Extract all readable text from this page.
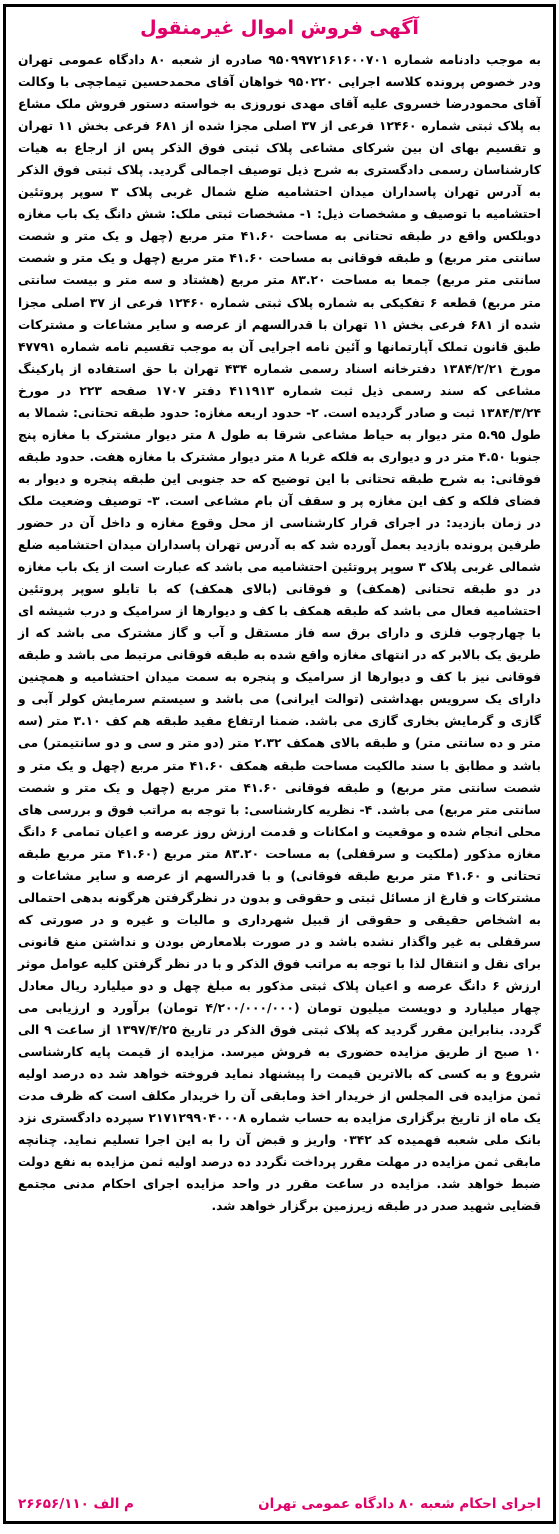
آگهی فروش اموال غیرمنقول

به موجب دادنامه شماره ۹۵۰۹۹۷۲۱۶۱۶۰۰۷۰۱ صادره از شعبه ۸۰ دادگاه عمومی تهران ودر خصوص پرونده کلاسه اجرایی ۹۵۰۲۲۰ خواهان آقای محمدحسین تیماجچی با وکالت آقای محمودرضا خسروی علیه آقای مهدی نوروزی به خواسته دستور فروش ملک مشاع به پلاک ثبتی شماره ۱۲۴۶۰ فرعی از ۳۷ اصلی مجزا شده از ۶۸۱ فرعی بخش ۱۱ تهران و تقسیم بهای ان بین شرکای مشاعی پلاک ثبتی فوق الذکر پس از ارجاع به هیات کارشناسان رسمی دادگستری به شرح ذیل توصیف اجمالی گردید. پلاک ثبتی فوق الذکر به آدرس تهران پاسداران میدان احتشامیه ضلع شمال غربی پلاک ۳ سوپر پروتئین احتشامیه با توصیف و مشخصات ذیل: ۱- مشخصات ثبتی ملک: شش دانگ یک باب مغازه دوبلکس واقع در طبقه تحتانی به مساحت ۴۱.۶۰ متر مربع (چهل و یک متر و شصت سانتی متر مربع) و طبقه فوقانی به مساحت ۴۱.۶۰ متر مربع (چهل و یک متر و شصت سانتی متر مربع) جمعا به مساحت ۸۳.۲۰ متر مربع (هشتاد و سه متر و بیست سانتی متر مربع) قطعه ۶ تفکیکی به شماره پلاک ثبتی شماره ۱۲۴۶۰ فرعی از ۳۷ اصلی مجزا شده از ۶۸۱ فرعی بخش ۱۱ تهران با قدرالسهم از عرصه و سایر مشاعات و مشترکات طبق قانون تملک آپارتمانها و آئین نامه اجرایی آن به موجب تقسیم نامه شماره ۴۷۷۹۱ مورخ ۱۳۸۴/۲/۲۱ دفترخانه اسناد رسمی شماره ۴۳۴ تهران با حق استفاده از پارکینگ مشاعی که سند رسمی ذیل ثبت شماره ۴۱۱۹۱۳ دفتر ۱۷۰۷ صفحه ۲۲۳ در مورخ ۱۳۸۴/۳/۲۴ ثبت و صادر گردیده است. ۲- حدود اربعه مغازه: حدود طبقه تحتانی: شمالا به طول ۵.۹۵ متر دیوار به حیاط مشاعی شرقا به طول ۸ متر دیوار مشترک با مغازه پنج جنوبا ۴.۵۰ متر در و دیواری به فلکه غربا ۸ متر دیوار مشترک با مغازه هفت. حدود طبقه فوقانی: به شرح طبقه تحتانی با این توضیح که حد جنوبی این طبقه پنجره و دیوار به فضای فلکه و کف این مغازه پر و سقف آن بام مشاعی است. ۳- توصیف وضعیت ملک در زمان بازدید: در اجرای قرار کارشناسی از محل وقوع مغازه و داخل آن در حضور طرفین پرونده بازدید بعمل آورده شد که به آدرس تهران پاسداران میدان احتشامیه ضلع شمالی غربی پلاک ۳ سوپر پروتئین احتشامیه می باشد که عبارت است از یک باب مغازه در دو طبقه تحتانی (همکف) و فوقانی (بالای همکف) که با تابلو سوپر پروتئین احتشامیه فعال می باشد که طبقه همکف با کف و دیوارها از سرامیک و درب شیشه ای با چهارچوب فلزی و دارای برق سه فاز مستقل و آب و گاز مشترک می باشد که از طریق یک بالابر که در انتهای مغازه واقع شده به طبقه فوقانی مرتبط می باشد و طبقه فوقانی نیز با کف و دیوارها از سرامیک و پنجره به سمت میدان احتشامیه و همچنین دارای یک سرویس بهداشتی (توالت ایرانی) می باشد و سیستم سرمایش کولر آبی و گازی و گرمایش بخاری گازی می باشد. ضمنا ارتفاع مفید طبقه هم کف ۳.۱۰ متر (سه متر و ده سانتی متر) و طبقه بالای همکف ۲.۳۲ متر (دو متر و سی و دو سانتیمتر) می باشد و مطابق با سند مالکیت مساحت طبقه همکف ۴۱.۶۰ متر مربع (چهل و یک متر و شصت سانتی متر مربع) و طبقه فوقانی ۴۱.۶۰ متر مربع (چهل و یک متر و شصت سانتی متر مربع) می باشد. ۴- نظریه کارشناسی: با توجه به مراتب فوق و بررسی های محلی انجام شده و موقعیت و امکانات و قدمت ارزش روز عرصه و اعیان تمامی ۶ دانگ مغازه مذکور (ملکیت و سرقفلی) به مساحت ۸۳.۲۰ متر مربع (۴۱.۶۰ متر مربع طبقه تحتانی و ۴۱.۶۰ متر مربع طبقه فوقانی) و با قدرالسهم از عرصه و سایر مشاعات و مشترکات و فارغ از مسائل ثبتی و حقوقی و بدون در نظرگرفتن هرگونه بدهی احتمالی به اشخاص حقیقی و حقوقی از قبیل شهرداری و مالیات و غیره و در صورتی که سرقفلی به غیر واگذار نشده باشد و در صورت بلامعارض بودن و نداشتن منع قانونی برای نقل و انتقال لذا با توجه به مراتب فوق الذکر و با در نظر گرفتن کلیه عوامل موثر ارزش ۶ دانگ عرصه و اعیان پلاک ثبتی مذکور به مبلغ چهل و دو میلیارد ریال معادل چهار میلیارد و دویست میلیون تومان (۴/۲۰۰/۰۰۰/۰۰۰ تومان) برآورد و ارزیابی می گردد. بنابراین مقرر گردید که پلاک ثبتی فوق الذکر در تاریخ ۱۳۹۷/۴/۲۵ از ساعت ۹ الی ۱۰ صبح از طریق مزایده حضوری به فروش میرسد. مزایده از قیمت پایه کارشناسی شروع و به کسی که بالاترین قیمت را پیشنهاد نماید فروخته خواهد شد ده درصد اولیه ثمن مزایده فی المجلس از خریدار اخذ ومابقی آن را خریدار مکلف است که ظرف مدت یک ماه از تاریخ برگزاری مزایده به حساب شماره ۲۱۷۱۲۹۹۰۴۰۰۰۸ سپرده دادگستری نزد بانک ملی شعبه فهمیده کد ۰۳۴۲ واریز و قبض آن را به این اجرا تسلیم نماید. چنانچه مابقی ثمن مزایده در مهلت مقرر پرداخت نگردد ده درصد اولیه ثمن مزایده به نفع دولت ضبط خواهد شد. مزایده در ساعت مقرر در واحد مزایده اجرای احکام مدنی مجتمع قضایی شهید صدر در طبقه زیرزمین برگزار خواهد شد.

اجرای احکام شعبه ۸۰ دادگاه عمومی تهران
م الف ۲۶۶۵۶/۱۱۰
